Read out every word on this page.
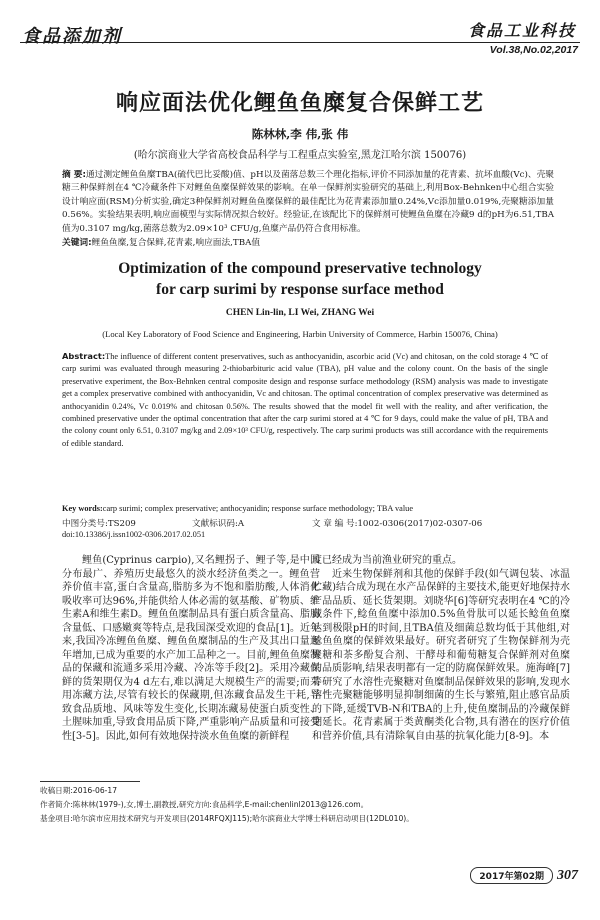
食品添加剂	食品工业科技
Vol.38,No.02,2017
响应面法优化鲤鱼鱼糜复合保鲜工艺
陈林林,李 伟,张 伟
(哈尔滨商业大学省高校食品科学与工程重点实验室,黑龙江哈尔滨 150076)
摘 要:通过测定鲤鱼鱼糜TBA(硫代巴比妥酸)值、pH以及菌落总数三个理化指标,评价不同添加量的花青素、抗坏血酸(Vc)、壳聚糖三种保鲜剂在4 ℃冷藏条件下对鲤鱼鱼糜保鲜效果的影响。在单一保鲜剂实验研究的基础上,利用Box-Behnken中心组合实验设计响应面(RSM)分析实验,确定3种保鲜剂对鲤鱼鱼糜保鲜的最佳配比为花青素添加量0.24%,Vc添加量0.019%,壳聚糖添加量0.56%。实验结果表明,响应面模型与实际情况拟合较好。经验证,在该配比下的保鲜剂可使鲤鱼鱼糜在冷藏9 d的pH为6.51,TBA值为0.3107 mg/kg,菌落总数为2.09×10³ CFU/g,鱼糜产品仍符合食用标准。
关键词:鲤鱼鱼糜,复合保鲜,花青素,响应面法,TBA值
Optimization of the compound preservative technology
for carp surimi by response surface method
CHEN Lin-lin, LI Wei, ZHANG Wei
(Local Key Laboratory of Food Science and Engineering, Harbin University of Commerce, Harbin 150076, China)
Abstract:The influence of different content preservatives, such as anthocyanidin, ascorbic acid (Vc) and chitosan, on the cold storage 4 ℃ of carp surimi was evaluated through measuring 2-thiobarbituric acid value (TBA), pH value and the colony count. On the basis of the single preservative experiment, the Box-Behnken central composite design and response surface methodology (RSM) analysis was made to investigate get a complex preservative combined with anthocyanidin, Vc and chitosan. The optimal concentration of complex preservative was determined as anthocyanidin 0.24%, Vc 0.019% and chitosan 0.56%. The results showed that the model fit well with the reality, and after verification, the combined preservative under the optimal concentration that after the carp surimi stored at 4 ℃ for 9 days, could make the value of pH, TBA and the colony count only 6.51, 0.3107 mg/kg and 2.09×10³ CFU/g, respectively. The carp surimi products was still accordance with the requirements of edible standard.
Key words:carp surimi; complex preservative; anthocyanidin; response surface methodology; TBA value
中图分类号:TS209	文献标识码:A	文 章 编 号:1002-0306(2017)02-0307-06
doi:10.13386/j.issn1002-0306.2017.02.051

鲤鱼(Cyprinus carpio),又名鲤拐子、鲤子等,是中国分布最广、养殖历史最悠久的淡水经济鱼类之一。鲤鱼营养价值丰富,蛋白含量高,脂肪多为不饱和脂肪酸,人体消化吸收率可达96%,并能供给人体必需的氨基酸、矿物质、维生素A和维生素D。鲤鱼鱼糜制品具有蛋白质含量高、脂肪含量低、口感嫩爽等特点,是我国深受欢迎的食品[1]。近年来,我国冷冻鲤鱼鱼糜、鲤鱼鱼糜制品的生产及其出口量逐年增加,已成为重要的水产加工品种之一。目前,鲤鱼鱼糜制品的保藏和流通多采用冷藏、冷冻等手段[2]。采用冷藏保鲜的货架期仅为4 d左右,难以满足大规模生产的需要;而采用冻藏方法,尽管有较长的保藏期,但冻藏食品发生干耗,导致食品质地、风味等发生变化,长期冻藏易使蛋白质变性、土腥味加重,导致食用品质下降,严重影响产品质量和可接受性[3-5]。因此,如何有效地保持淡水鱼鱼糜的新鲜程

度已经成为当前渔业研究的重点。

近来生物保鲜剂和其他的保鲜手段(如气调包装、冰温贮藏)结合成为现在水产品保鲜的主要技术,能更好地保持水产品品质、延长货架期。刘晓华[6]等研究表明在4 ℃的冷藏条件下,鲶鱼鱼糜中添加0.5%鱼骨肽可以延长鲶鱼鱼糜达到极限pH的时间,且TBA值及细菌总数均低于其他组,对鲶鱼鱼糜的保鲜效果最好。研究者研究了生物保鲜剂为壳聚糖和茶多酚复合剂、干酵母和葡萄糖复合保鲜剂对鱼糜的品质影响,结果表明都有一定的防腐保鲜效果。施海峰[7]等研究了水溶性壳聚糖对鱼糜制品保鲜效果的影响,发现水溶性壳聚糖能够明显抑制细菌的生长与繁殖,阻止感官品质的下降,延缓TVB-N和TBA的上升,使鱼糜制品的冷藏保鲜期延长。花青素属于类黄酮类化合物,具有潜在的医疗价值和营养价值,具有清除氧自由基的抗氧化能力[8-9]。本

收稿日期:2016-06-17
作者简介:陈林林(1979-),女,博士,副教授,研究方向:食品科学,E-mail:chenlinl2013@126.com。
基金项目:哈尔滨市应用技术研究与开发项目(2014RFQXJ115);哈尔滨商业大学博士科研启动项目(12DL010)。
2017年第02期 307
